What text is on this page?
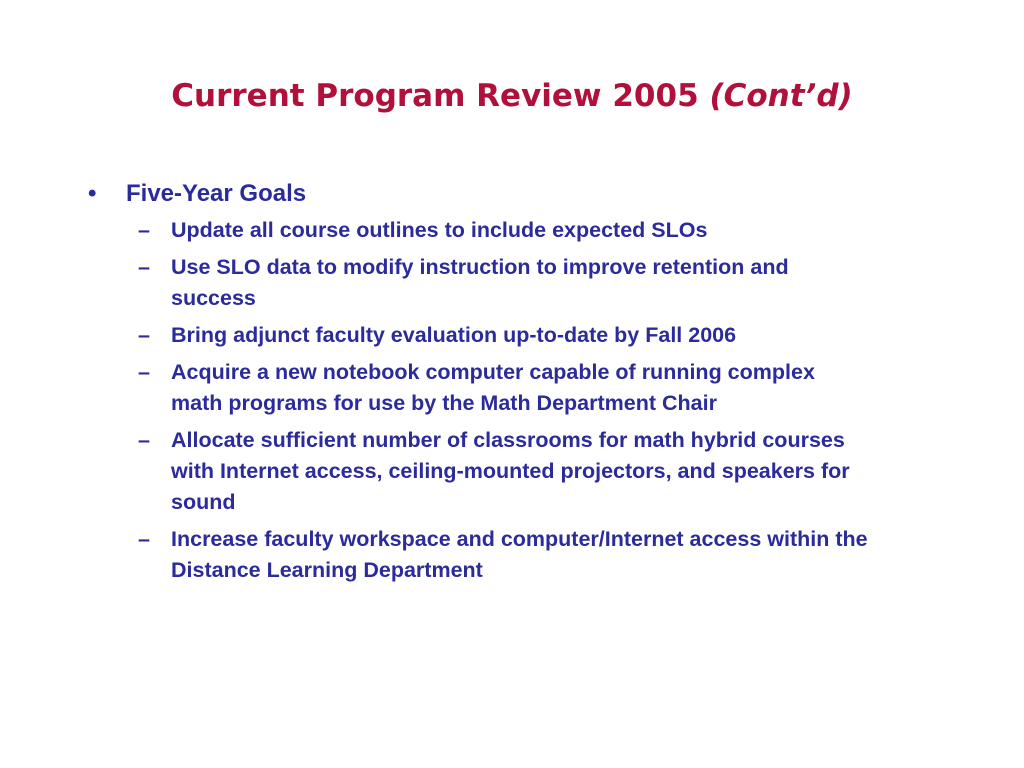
Current Program Review 2005 (Cont’d)
•	Five-Year Goals
– Update all course outlines to include expected SLOs
– Use SLO data to modify instruction to improve retention and success
– Bring adjunct faculty evaluation up-to-date by Fall 2006
– Acquire a new notebook computer capable of running complex math programs for use by the Math Department Chair
– Allocate sufficient number of classrooms for math hybrid courses with Internet access, ceiling-mounted projectors, and speakers for sound
– Increase faculty workspace and computer/Internet access within the Distance Learning Department
